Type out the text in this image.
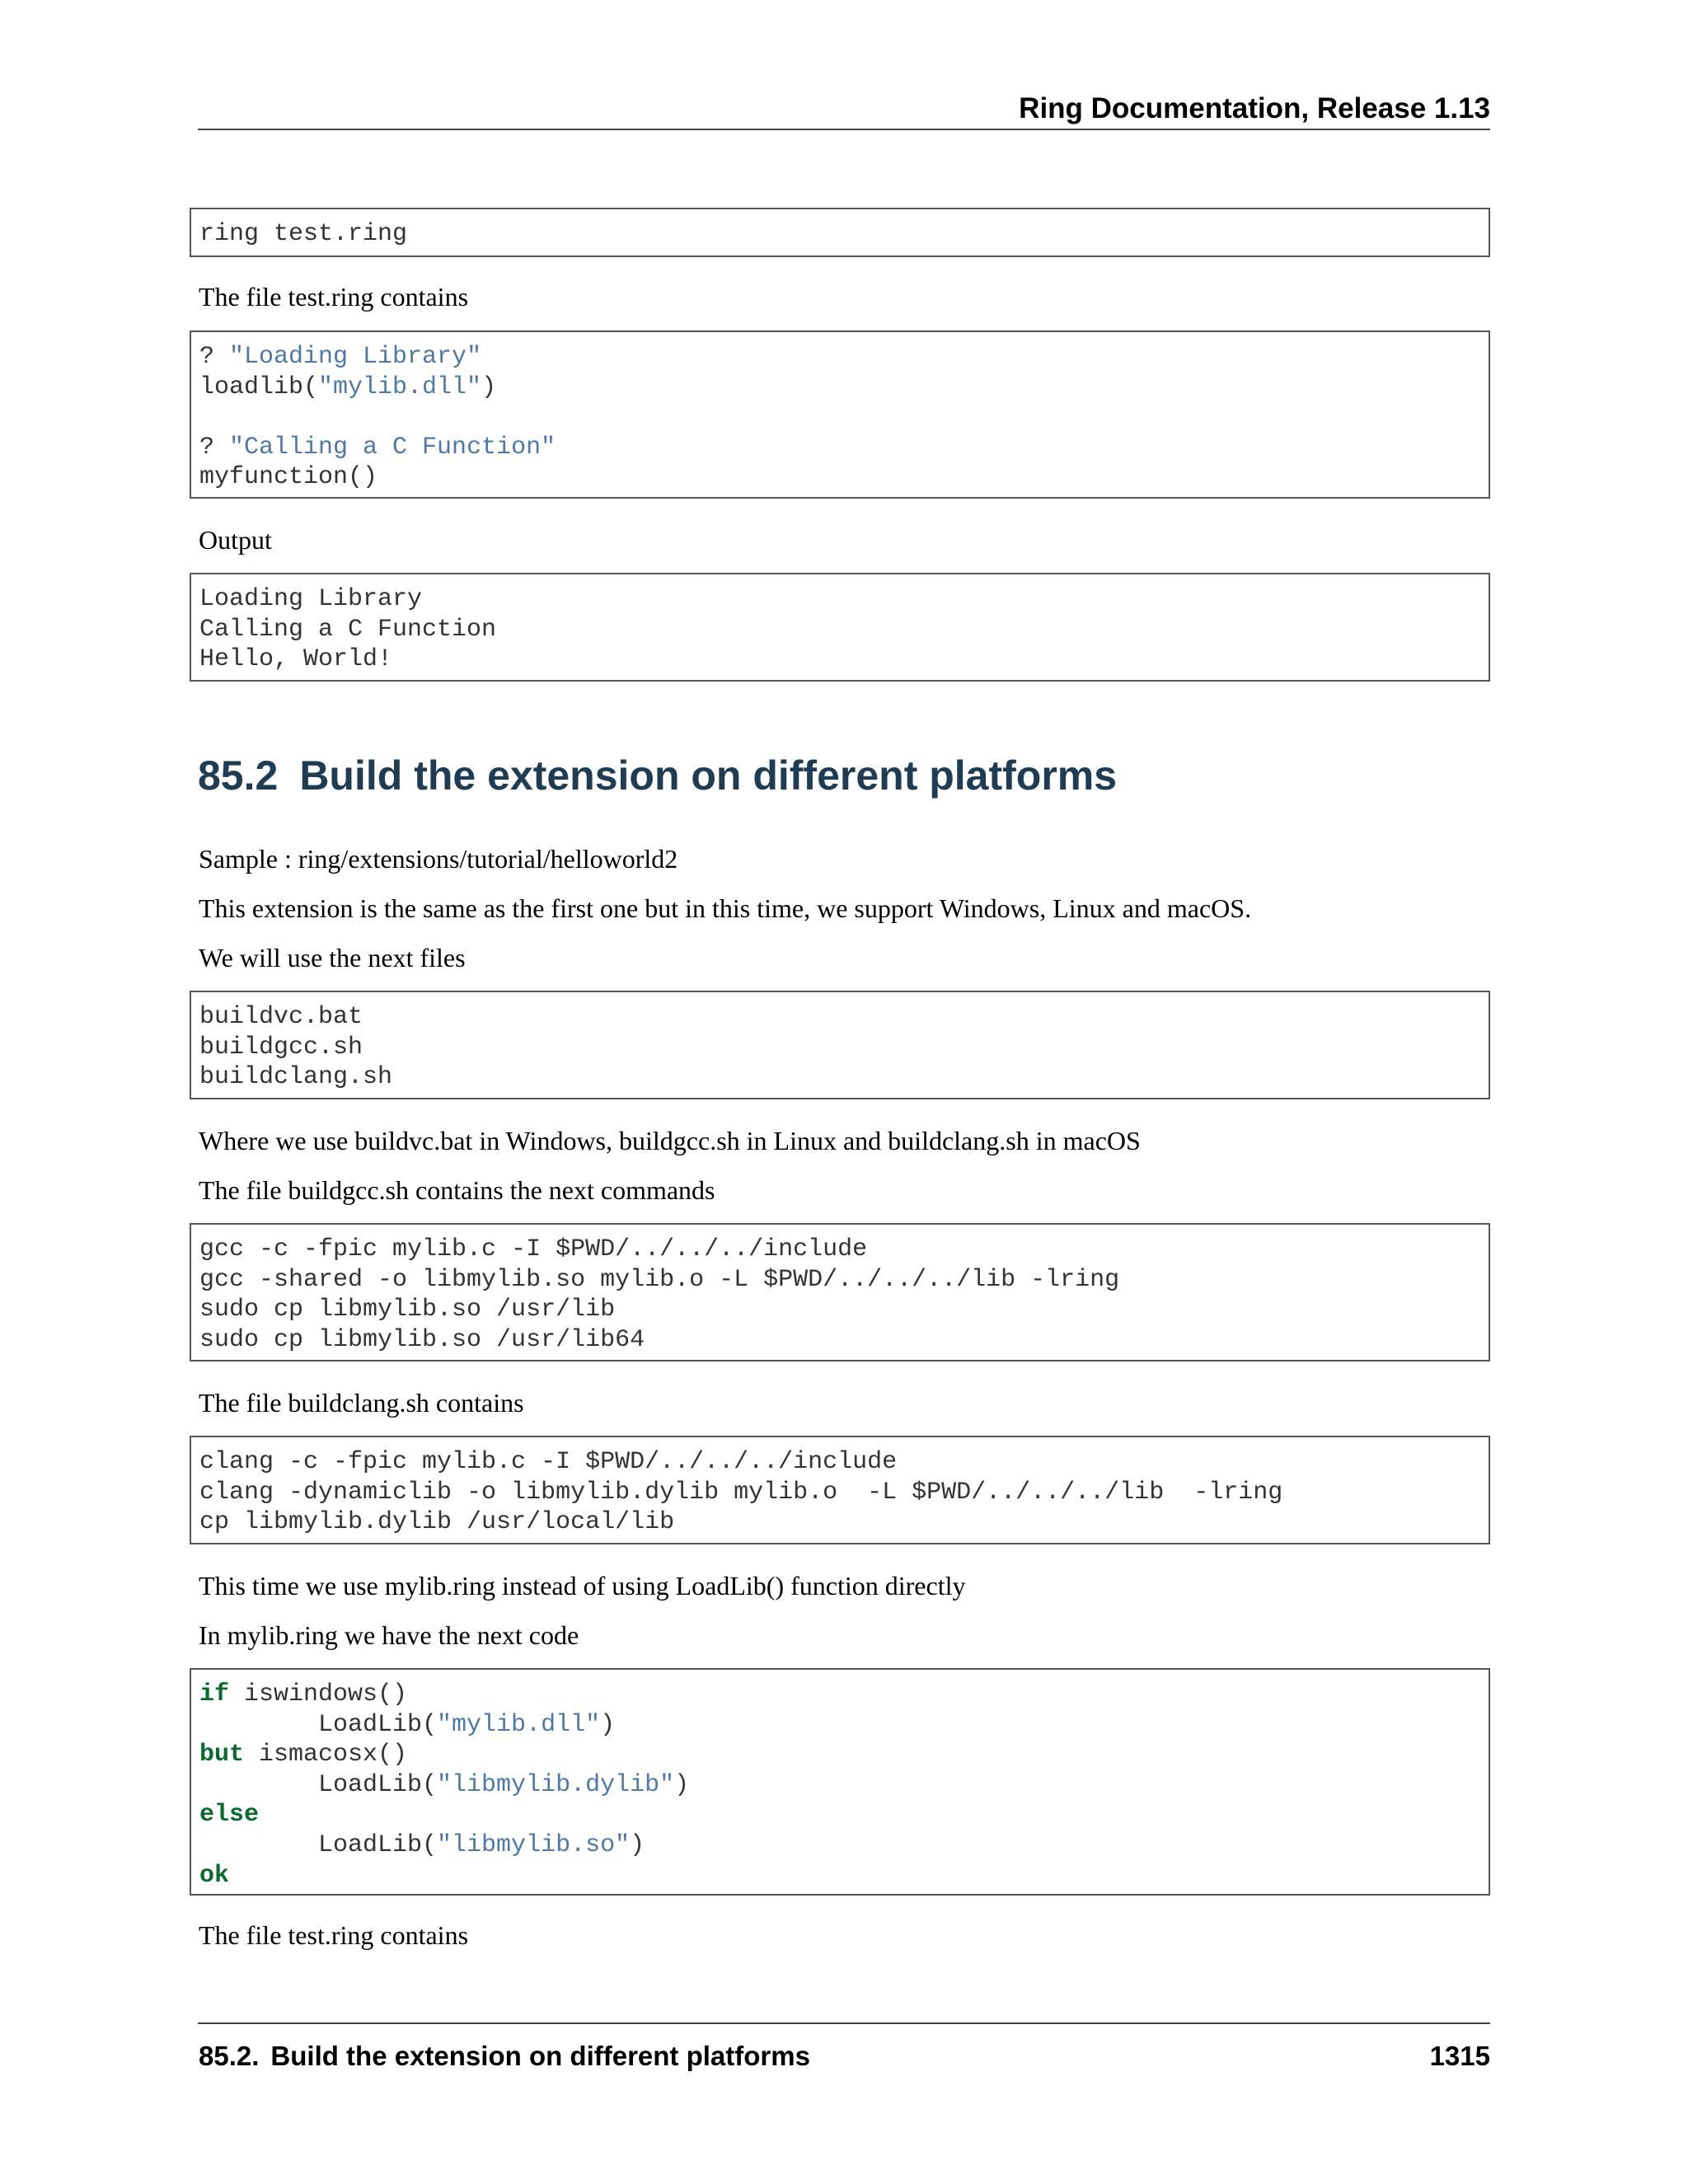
Ring Documentation, Release 1.13
ring test.ring
The file test.ring contains
? "Loading Library"
loadlib("mylib.dll")
? "Calling a C Function"
myfunction()
Output
Loading Library
Calling a C Function
Hello, World!
85.2 Build the extension on different platforms
Sample : ring/extensions/tutorial/helloworld2
This extension is the same as the first one but in this time, we support Windows, Linux and macOS.
We will use the next files
buildvc.bat
buildgcc.sh
buildclang.sh
Where we use buildvc.bat in Windows, buildgcc.sh in Linux and buildclang.sh in macOS
The file buildgcc.sh contains the next commands
gcc -c -fpic mylib.c -I $PWD/../../../include
gcc -shared -o libmylib.so mylib.o -L $PWD/../../../lib -lring
sudo cp libmylib.so /usr/lib
sudo cp libmylib.so /usr/lib64
The file buildclang.sh contains
clang -c -fpic mylib.c -I $PWD/../../../include
clang -dynamiclib -o libmylib.dylib mylib.o  -L $PWD/../../../lib  -lring
cp libmylib.dylib /usr/local/lib
This time we use mylib.ring instead of using LoadLib() function directly
In mylib.ring we have the next code
if iswindows()
LoadLib("mylib.dll")
but ismacosx()
LoadLib("libmylib.dylib")
else
LoadLib("libmylib.so")
ok
The file test.ring contains
85.2. Build the extension on different platforms	1315
